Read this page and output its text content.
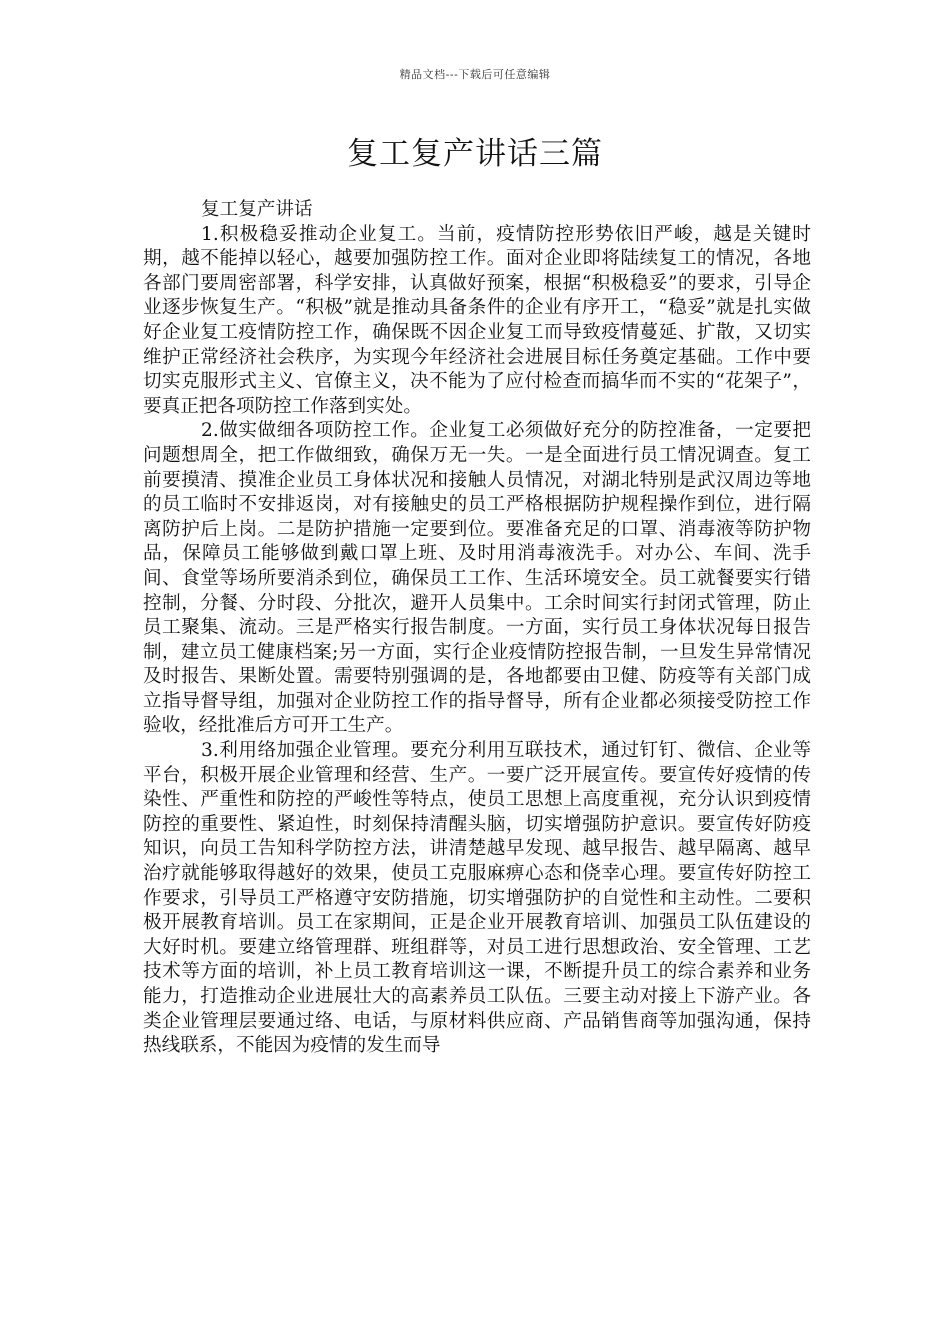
精品文档---下载后可任意编辑
复工复产讲话三篇
复工复产讲话
1.积极稳妥推动企业复工。当前，疫情防控形势依旧严峻，越是关键时期，越不能掉以轻心，越要加强防控工作。面对企业即将陆续复工的情况，各地各部门要周密部署，科学安排，认真做好预案，根据“积极稳妥”的要求，引导企业逐步恢复生产。“积极”就是推动具备条件的企业有序开工，“稳妥”就是扎实做好企业复工疫情防控工作，确保既不因企业复工而导致疫情蔓延、扩散，又切实维护正常经济社会秩序，为实现今年经济社会进展目标任务奠定基础。工作中要切实克服形式主义、官僚主义，决不能为了应付检查而搞华而不实的“花架子”，要真正把各项防控工作落到实处。
2.做实做细各项防控工作。企业复工必须做好充分的防控准备，一定要把问题想周全，把工作做细致，确保万无一失。一是全面进行员工情况调查。复工前要摸清、摸准企业员工身体状况和接触人员情况，对湖北特别是武汉周边等地的员工临时不安排返岗，对有接触史的员工严格根据防护规程操作到位，进行隔离防护后上岗。二是防护措施一定要到位。要准备充足的口罩、消毒液等防护物品，保障员工能够做到戴口罩上班、及时用消毒液洗手。对办公、车间、洗手间、食堂等场所要消杀到位，确保员工工作、生活环境安全。员工就餐要实行错控制，分餐、分时段、分批次，避开人员集中。工余时间实行封闭式管理，防止员工聚集、流动。三是严格实行报告制度。一方面，实行员工身体状况每日报告制，建立员工健康档案;另一方面，实行企业疫情防控报告制，一旦发生异常情况及时报告、果断处置。需要特别强调的是，各地都要由卫健、防疫等有关部门成立指导督导组，加强对企业防控工作的指导督导，所有企业都必须接受防控工作验收，经批准后方可开工生产。
3.利用络加强企业管理。要充分利用互联技术，通过钉钉、微信、企业等平台，积极开展企业管理和经营、生产。一要广泛开展宣传。要宣传好疫情的传染性、严重性和防控的严峻性等特点，使员工思想上高度重视，充分认识到疫情防控的重要性、紧迫性，时刻保持清醒头脑，切实增强防护意识。要宣传好防疫知识，向员工告知科学防控方法，讲清楚越早发现、越早报告、越早隔离、越早治疗就能够取得越好的效果，使员工克服麻痹心态和侥幸心理。要宣传好防控工作要求，引导员工严格遵守安防措施，切实增强防护的自觉性和主动性。二要积极开展教育培训。员工在家期间，正是企业开展教育培训、加强员工队伍建设的大好时机。要建立络管理群、班组群等，对员工进行思想政治、安全管理、工艺技术等方面的培训，补上员工教育培训这一课，不断提升员工的综合素养和业务能力，打造推动企业进展壮大的高素养员工队伍。三要主动对接上下游产业。各类企业管理层要通过络、电话，与原材料供应商、产品销售商等加强沟通，保持热线联系，不能因为疫情的发生而导
